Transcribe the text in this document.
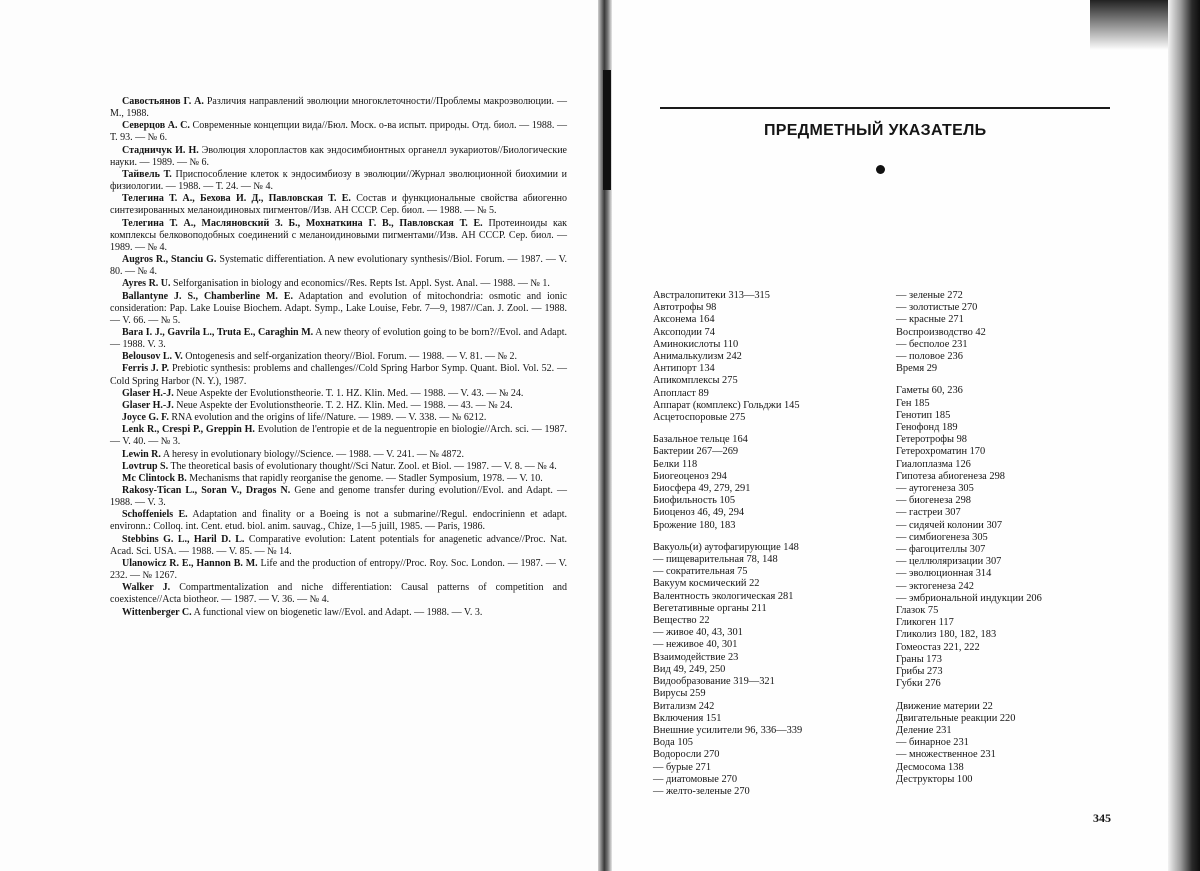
Савостьянов Г. А. Различия направлений эволюции многоклеточности//Проблемы макроэволюции. — М., 1988.

Северцов А. С. Современные концепции вида//Бюл. Моск. о-ва испыт. природы. Отд. биол. — 1988. — Т. 93. — № 6.

Стадничук И. Н. Эволюция хлоропластов как эндосимбионтных органелл эукариотов//Биологические науки. — 1989. — № 6.

Тайвель Т. Приспособление клеток к эндосимбиозу в эволюции//Журнал эволюционной биохимии и физиологии. — 1988. — Т. 24. — № 4.

Телегина Т. А., Бехова И. Д., Павловская Т. Е. Состав и функциональные свойства абиогенно синтезированных меланоидиновых пигментов//Изв. АН СССР. Сер. биол. — 1988. — № 5.

Телегина Т. А., Масляновский З. Б., Мохнаткина Г. В., Павловская Т. Е. Протеиноиды как комплексы белковоподобных соединений с меланоидиновыми пигментами//Изв. АН СССР. Сер. биол. — 1989. — № 4.

Augros R., Stanciu G. Systematic differentiation. A new evolutionary synthesis//Biol. Forum. — 1987. — V. 80. — № 4.

Ayres R. U. Selforganisation in biology and economics//Res. Repts Ist. Appl. Syst. Anal. — 1988. — № 1.

Ballantyne J. S., Chamberline M. E. Adaptation and evolution of mitochondria: osmotic and ionic consideration: Pap. Lake Louise Biochem. Adapt. Symp., Lake Louise, Febr. 7—9, 1987//Can. J. Zool. — 1988. — V. 66. — № 5.

Bara I. J., Gavrila L., Truta E., Caraghin M. A new theory of evolution going to be born?//Evol. and Adapt. — 1988. V. 3.

Belousov L. V. Ontogenesis and self-organization theory//Biol. Forum. — 1988. — V. 81. — № 2.

Ferris J. P. Prebiotic synthesis: problems and challenges//Cold Spring Harbor Symp. Quant. Biol. Vol. 52. — Cold Spring Harbor (N. Y.), 1987.

Glaser H.-J. Neue Aspekte der Evolutionstheorie. T. 1. HZ. Klin. Med. — 1988. — V. 43. — № 24.

Glaser H.-J. Neue Aspekte der Evolutionstheorie. T. 2. HZ. Klin. Med. — 1988. — 43. — № 24.

Joyce G. F. RNA evolution and the origins of life//Nature. — 1989. — V. 338. — № 6212.

Lenk R., Crespi P., Greppin H. Evolution de l'entropie et de la neguentropie en biologie//Arch. sci. — 1987. — V. 40. — № 3.

Lewin R. A heresy in evolutionary biology//Science. — 1988. — V. 241. — № 4872.

Lovtrup S. The theoretical basis of evolutionary thought//Sci Natur. Zool. et Biol. — 1987. — V. 8. — № 4.

Mc Clintock B. Mechanisms that rapidly reorganise the genome. — Stadler Symposium, 1978. — V. 10.

Rakosy-Tican L., Soran V., Dragos N. Gene and genome transfer during evolution//Evol. and Adapt. — 1988. — V. 3.

Schoffeniels E. Adaptation and finality or a Boeing is not a submarine//Regul. endocrinienn et adapt. environn.: Colloq. int. Cent. etud. biol. anim. sauvag., Chize, 1—5 juill, 1985. — Paris, 1986.

Stebbins G. L., Haril D. L. Comparative evolution: Latent potentials for anagenetic advance//Proc. Nat. Acad. Sci. USA. — 1988. — V. 85. — № 14.

Ulanowicz R. E., Hannon B. M. Life and the production of entropy//Proc. Roy. Soc. London. — 1987. — V. 232. — № 1267.

Walker J. Compartmentalization and niche differentiation: Causal patterns of competition and coexistence//Acta biotheor. — 1987. — V. 36. — № 4.

Wittenberger C. A functional view on biogenetic law//Evol. and Adapt. — 1988. — V. 3.

ПРЕДМЕТНЫЙ УКАЗАТЕЛЬ
Австралопитеки 313—315
Автотрофы 98
Аксонема 164
Аксоподии 74
Аминокислоты 110
Анималькулизм 242
Антипорт 134
Апикомплексы 275
Апопласт 89
Аппарат (комплекс) Гольджи 145
Асцетоспоровые 275
Базальное тельце 164
Бактерии 267—269
Белки 118
Биогеоценоз 294
Биосфера 49, 279, 291
Биофильность 105
Биоценоз 46, 49, 294
Брожение 180, 183
Вакуоль(и) аутофагирующие 148
— пищеварительная 78, 148
— сократительная 75
Вакуум космический 22
Валентность экологическая 281
Вегетативные органы 211
Вещество 22
— живое 40, 43, 301
— неживое 40, 301
Взаимодействие 23
Вид 49, 249, 250
Видообразование 319—321
Вирусы 259
Витализм 242
Включения 151
Внешние усилители 96, 336—339
Вода 105
Водоросли 270
— бурые 271
— диатомовые 270
— желто-зеленые 270
— зеленые 272
— золотистые 270
— красные 271
Воспроизводство 42
— бесполое 231
— половое 236
Время 29
Гаметы 60, 236
Ген 185
Генотип 185
Генофонд 189
Гетеротрофы 98
Гетерохроматин 170
Гиалоплазма 126
Гипотеза абиогенеза 298
— аутогенеза 305
— биогенеза 298
— гастреи 307
— сидячей колонии 307
— симбиогенеза 305
— фагоцителлы 307
— целлюляризации 307
— эволюционная 314
— эктогенеза 242
— эмбриональной индукции 206
Глазок 75
Гликоген 117
Гликолиз 180, 182, 183
Гомеостаз 221, 222
Граны 173
Грибы 273
Губки 276
Движение материи 22
Двигательные реакции 220
Деление 231
— бинарное 231
— множественное 231
Десмосома 138
Деструкторы 100
345
